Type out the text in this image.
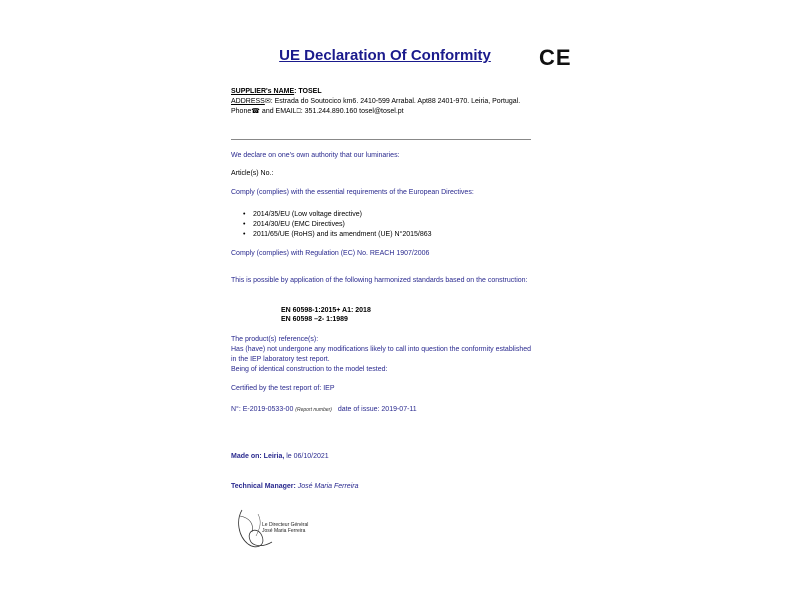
UE Declaration Of Conformity	CE
SUPPLIER's NAME: TOSEL
ADDRESS✉: Estrada do Soutocico km6. 2410-599 Arrabal. Apt88 2401-970. Leiria, Portugal.
Phone☎ and EMAIL⎕: 351.244.890.160 tosel@tosel.pt
We declare on one's own authority that our luminaries:
Article(s) No.:
Comply (complies) with the essential requirements of the European Directives:
• 2014/35/EU (Low voltage directive)
• 2014/30/EU (EMC Directives)
• 2011/65/UE (RoHS) and its amendment (UE) N°2015/863
Comply (complies) with Regulation (EC) No. REACH 1907/2006
This is possible by application of the following harmonized standards based on the construction:
EN 60598-1:2015+ A1: 2018
EN 60598 –2- 1:1989
The product(s) reference(s):
Has (have) not undergone any modifications likely to call into question the conformity established in the IEP laboratory test report.
Being of identical construction to the model tested:
Certified by the test report of: IEP
N°: E-2019-0533-00 (Report number)   date of issue: 2019-07-11
Made on: Leiria, le 06/10/2021
Technical Manager: José Maria Ferreira
Le Directeur Général
José Maria Ferreira
